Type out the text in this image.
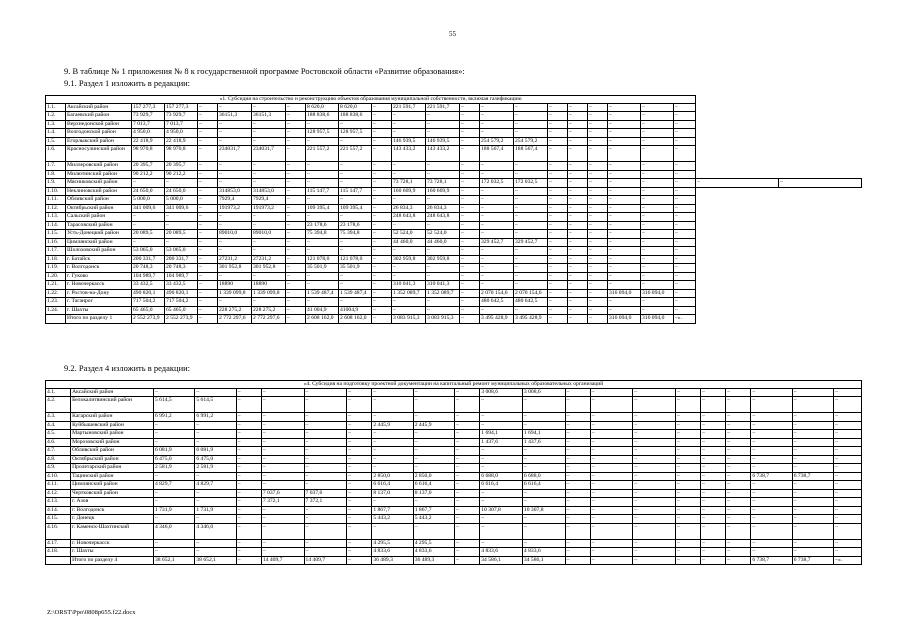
55
9. В таблице № 1 приложения № 8 к государственной программе Ростовской области «Развитие образования»:
9.1. Раздел 1 изложить в редакции:
«1. Субсидия на строительство и реконструкцию объектов образования муниципальной собственности, включая газификацию																							
1.1.	Аксайский район	157 277,3	157 277,3	–	–	–	–	8 620,0	8 620,0	–	221 591,7	221 591,7	–	–	–	–	–	–	–	–	–		
1.2.	Багаевский район	73 929,7	73 929,7	–	36151,3	36151,3	–	188 838,6	188 838,6	–	–	–	–	–	–	–	–	–	–	–	–		
1.3.	Верхнедонской район	7 013,7	7 013,7	–	–	–	–	–	–	–	–	–	–	–	–	–	–	–	–	–	–		
1.4.	Волгодонской район	4 950,0	4 950,0	–	–	–	–	128 957,5	128 957,5	–	–	–	–	–	–	–	–	–	–	–	–		
1.5.	Егорлыкский район	22 418,9	22 418,9	–	–	–	–	–	–	–	146 939,5	146 939,5	–	254 579,2	254 579,2	–	–	–	–	–	–		
1.6.	Красносулинский район	98 970,8	98 970,8	–	234031,7	234031,7	–	221 557,2	221 557,2	–	143 433,2	143 433,2	–	188 567,4	188 567,4	–	–	–	–	–	–		
1.7.	Миллеровский район	20 395,7	20 395,7	–	–	–	–	–	–	–	–	–	–	–	–	–	–	–	–	–	–		
1.8.	Милютинский район	90 212,2	90 212,2	–	–	–	–	–	–	–	–	–	–	–	–	–	–	–	–	–	–		
1.9.	Мясниковский район	–	–	–	–	–	–	–	–	–	73 728,1	73 728,1	–	172 032,5	172 032,5	–	–	–	–	–	–	–	–
1.10.	Неклиновский район	24 650,0	24 650,0	–	314853,0	314853,0	–	115 147,7	115 147,7	–	160 669,9	160 669,9	–	–	–	–	–	–	–	–	–		
1.11.	Обливский район	5 000,0	5 000,0	–	7929,4	7929,4	–	–	–	–	–	–	–	–	–	–	–	–	–	–	–		
1.12.	Октябрьский район	341 009,6	341 009,6	–	191973,2	191973,2	–	109 395,4	109 395,4	–	26 834,3	26 834,3	–	–	–	–	–	–	–	–	–		
1.13.	Сальский район	–	–	–	–	–	–	–	–	–	248 643,8	248 643,8	–	–	–	–	–	–	–	–	–		
1.14.	Тарасовский район	–	–	–	–	–	–	23 178,6	23 178,6	–	–	–	–	–	–	–	–	–	–	–	–		
1.15.	Усть-Донецкий район	20 089,5	20 089,5	–	89010,0	89010,0	–	75 394,8	75 394,8	–	52 524,0	52 524,0	–	–	–	–	–	–	–	–	–		
1.16.	Цимлянский район	–	–	–	–	–	–	–	–	–	44 460,0	44 460,0	–	329 452,7	329 452,7	–	–	–	–	–	–		
1.17.	Шолоховский район	53 065,0	53 065,0	–	–	–	–	–	–	–	–	–	–	–	–	–	–	–	–	–	–		
1.18.	г. Батайск	200 331,7	200 331,7	–	27231,2	27231,2	–	121 078,0	121 078,0	–	302 959,8	302 959,8	–	–	–	–	–	–	–	–	–		
1.19.	г. Волгодонск	20 748,3	20 748,3	–	301 952,8	301 952,8	–	35 501,9	35 501,9	–	–	–	–	–	–	–	–	–	–	–	–		
1.20.	г. Гуково	104 989,7	104 989,7	–	–	–	–	–	–	–	–	–	–	–	–	–	–	–	–	–	–		
1.21.	г. Новочеркасск	33 432,5	33 432,5	–	18890	18890	–	–	–	–	310 041,3	310 041,3	–	–	–	–	–	–	–	–	–		
1.22.	г. Ростов-на-Дону	490 820,1	490 820,1	–	1 339 099,8	1 339 099,8	–	1 539 487,4	1 539 487,4	–	1 352 089,7	1 352 089,7	–	2 070 154,6	2 070 154,6	–	–	–	316 094,0	316 094,0	–		
1.23.	г. Таганрог	717 504,2	717 504,2	–	–	–	–	–	–	–	–	–	–	480 642,5	480 642,5	–	–	–	–	–	–		
1.24.	г. Шахты	65 465,0	65 465,0	–	228 275,2	228 275,2	–	41 004,9	41004,9	–	–	–	–	–	–	–	–	–	–	–	–		
	Итого по разделу 1	2 552 273,9	2 552 273,9	–	2 772 297,6	2 772 297,6	–	2 608 162,0	2 608 162,0	–	3 083 915,3	3 083 915,3	–	3 495 428,9	3 495 428,9	–	–	–	316 094,0	316 094,0	–».		
9.2. Раздел 4 изложить в редакции:
«4. Субсидия на подготовку проектной документации на капитальный ремонт муниципальных образовательных организаций																					
4.1.	Аксайский район	–	–	–	–	–	–	–	–	–	3 008,6	3 008,6	–	–	–	–	–	–	–	–	–
4.2.	Белокалитвинский район	5 614,5	5 614,5	–	–	–	–	–	–	–	–	–	–	–	–	–	–	–	–	–	–
4.3.	Кагарский район	6 991,2	6 991,2	–	–	–	–	–	–	–	–	–	–	–	–	–	–	–	–	–	–
4.4.	Куйбышевский район	–	–	–	–	–	–	2 445,9	2 445,9	–	–	–	–	–	–	–	–	–	–	–	–
4.5.	Мартыновский район	–	–	–	–	–	–	–	–	–	1 694,1	1 694,1	–	–	–	–	–	–	–	–	–
4.6.	Морозовский район	–	–	–	–	–	–	–	–	–	1 437,6	1 437,6	–	–	–	–	–	–	–	–	–
4.7.	Обливский район	6 081,9	6 081,9	–	–	–	–	–	–	–	–	–	–	–	–	–	–	–	–	–	–
4.8.	Октябрьский район	6 475,0	6 475,0	–	–	–	–	–	–	–	–	–	–	–	–	–	–	–	–	–	–
4.9.	Пролетарский район	2 581,9	2 581,9	–	–	–	–	–	–	–	–	–	–	–	–	–	–	–	–	–	–
4.10.	Тацинский район	–	–	–	–	–	–	2 850,0	2 850,0	–	6 688,0	6 688,0	–	–	–	–	–	–	6 738,7	6 738,7	–
4.11.	Цимлянский район	4 829,7	4 829,7	–	–	–	–	6 616,4	6 616,4	–	6 616,4	6 616,4	–	–	–	–	–	–	–	–	–
4.12.	Чертковский район	–	–	–	7 037,6	7 037,6	–	8 137,0	8 137,0	–	–	–	–	–	–	–	–	–	–	–	–
4.13.	г. Азов	–	–	–	7 372,1	7 372,1	–	–	–	–	–	–	–	–	–	–	–	–	–	–	–
4.14.	г. Волгодонск	1 731,9	1 731,9	–	–	–	–	1 867,7	1 867,7	–	10 307,8	10 307,8	–	–	–	–	–	–	–	–	–
4.15.	г. Донецк	–	–	–	–	–	–	5 443,2	5 443,2	–	–	–	–	–	–	–	–	–	–	–	–
4.16.	г. Каменск-Шахтинский	4 346,0	4 346,0	–	–	–	–	–	–	–	–	–	–	–	–	–	–	–	–	–	–
4.17.	г. Новочеркасск	–	–	–	–	–	–	4 295,5	4 295,5	–	–	–	–	–	–	–	–	–	–	–	–
4.18.	г. Шахты	–	–	–	–	–	–	4 833,6	4 833,6	–	4 833,6	4 833,6	–	–	–	–	–	–	–	–	–
	Итого по разделу 4	38 652,1	38 652,1	–	14 409,7	14 409,7	–	36 489,3	36 489,3	–	34 586,1	34 586,1	–	–	–	–	–	–	6 738,7	6 738,7	–».
Z:\ORST\Ppo\0808p655.f22.docx
